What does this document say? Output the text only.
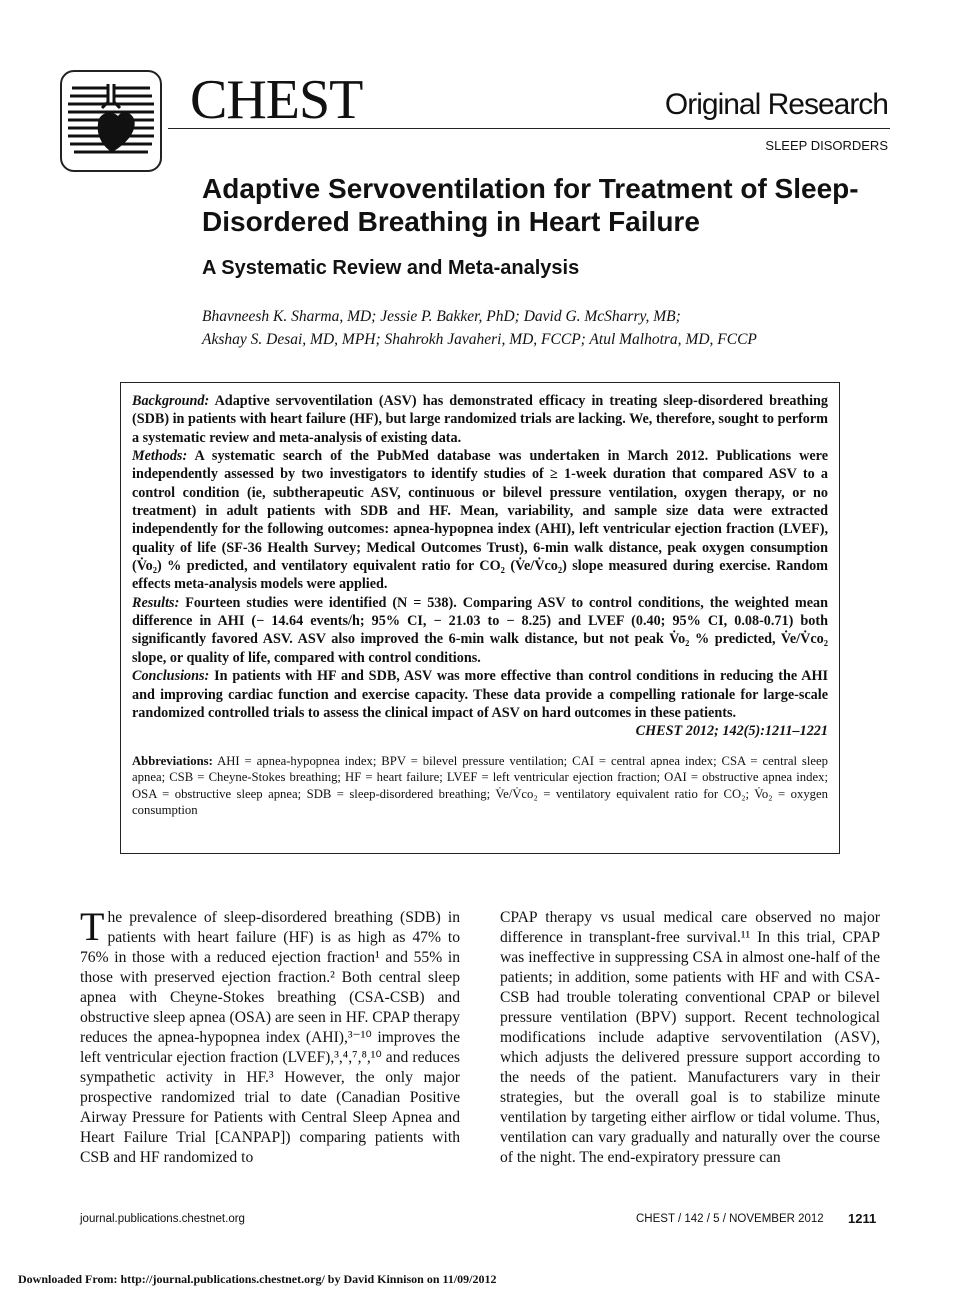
CHEST	Original Research
SLEEP DISORDERS
Adaptive Servoventilation for Treatment of Sleep-Disordered Breathing in Heart Failure
A Systematic Review and Meta-analysis
Bhavneesh K. Sharma, MD; Jessie P. Bakker, PhD; David G. McSharry, MB;
Akshay S. Desai, MD, MPH; Shahrokh Javaheri, MD, FCCP; Atul Malhotra, MD, FCCP

Background: Adaptive servoventilation (ASV) has demonstrated efficacy in treating sleep-disordered breathing (SDB) in patients with heart failure (HF), but large randomized trials are lacking. We, therefore, sought to perform a systematic review and meta-analysis of existing data.

Methods: A systematic search of the PubMed database was undertaken in March 2012. Publications were independently assessed by two investigators to identify studies of ≥ 1-week duration that compared ASV to a control condition (ie, subtherapeutic ASV, continuous or bilevel pressure ventilation, oxygen therapy, or no treatment) in adult patients with SDB and HF. Mean, variability, and sample size data were extracted independently for the following outcomes: apnea-hypopnea index (AHI), left ventricular ejection fraction (LVEF), quality of life (SF-36 Health Survey; Medical Outcomes Trust), 6-min walk distance, peak oxygen consumption (V̇o₂) % predicted, and ventilatory equivalent ratio for CO₂ (V̇e/V̇co₂) slope measured during exercise. Random effects meta-analysis models were applied.

Results: Fourteen studies were identified (N = 538). Comparing ASV to control conditions, the weighted mean difference in AHI (− 14.64 events/h; 95% CI, − 21.03 to − 8.25) and LVEF (0.40; 95% CI, 0.08-0.71) both significantly favored ASV. ASV also improved the 6-min walk distance, but not peak V̇o₂ % predicted, V̇e/V̇co₂ slope, or quality of life, compared with control conditions.

Conclusions: In patients with HF and SDB, ASV was more effective than control conditions in reducing the AHI and improving cardiac function and exercise capacity. These data provide a compelling rationale for large-scale randomized controlled trials to assess the clinical impact of ASV on hard outcomes in these patients.

CHEST 2012; 142(5):1211–1221
Abbreviations: AHI = apnea-hypopnea index; BPV = bilevel pressure ventilation; CAI = central apnea index; CSA = central sleep apnea; CSB = Cheyne-Stokes breathing; HF = heart failure; LVEF = left ventricular ejection fraction; OAI = obstructive apnea index; OSA = obstructive sleep apnea; SDB = sleep-disordered breathing; V̇e/V̇co₂ = ventilatory equivalent ratio for CO₂; V̇o₂ = oxygen consumption

The prevalence of sleep-disordered breathing (SDB) in patients with heart failure (HF) is as high as 47% to 76% in those with a reduced ejection fraction¹ and 55% in those with preserved ejection fraction.² Both central sleep apnea with Cheyne-Stokes breathing (CSA-CSB) and obstructive sleep apnea (OSA) are seen in HF. CPAP therapy reduces the apnea-hypopnea index (AHI),³⁻¹⁰ improves the left ventricular ejection fraction (LVEF),³,⁴,⁷,⁸,¹⁰ and reduces sympathetic activity in HF.³ However, the only major prospective randomized trial to date (Canadian Positive Airway Pressure for Patients with Central Sleep Apnea and Heart Failure Trial [CANPAP]) comparing patients with CSB and HF randomized to

CPAP therapy vs usual medical care observed no major difference in transplant-free survival.¹¹ In this trial, CPAP was ineffective in suppressing CSA in almost one-half of the patients; in addition, some patients with HF and with CSA-CSB had trouble tolerating conventional CPAP or bilevel pressure ventilation (BPV) support. Recent technological modifications include adaptive servoventilation (ASV), which adjusts the delivered pressure support according to the needs of the patient. Manufacturers vary in their strategies, but the overall goal is to stabilize minute ventilation by targeting either airflow or tidal volume. Thus, ventilation can vary gradually and naturally over the course of the night. The end-expiratory pressure can

journal.publications.chestnet.org	CHEST / 142 / 5 / NOVEMBER 2012 1211
Downloaded From: http://journal.publications.chestnet.org/ by David Kinnison on 11/09/2012
